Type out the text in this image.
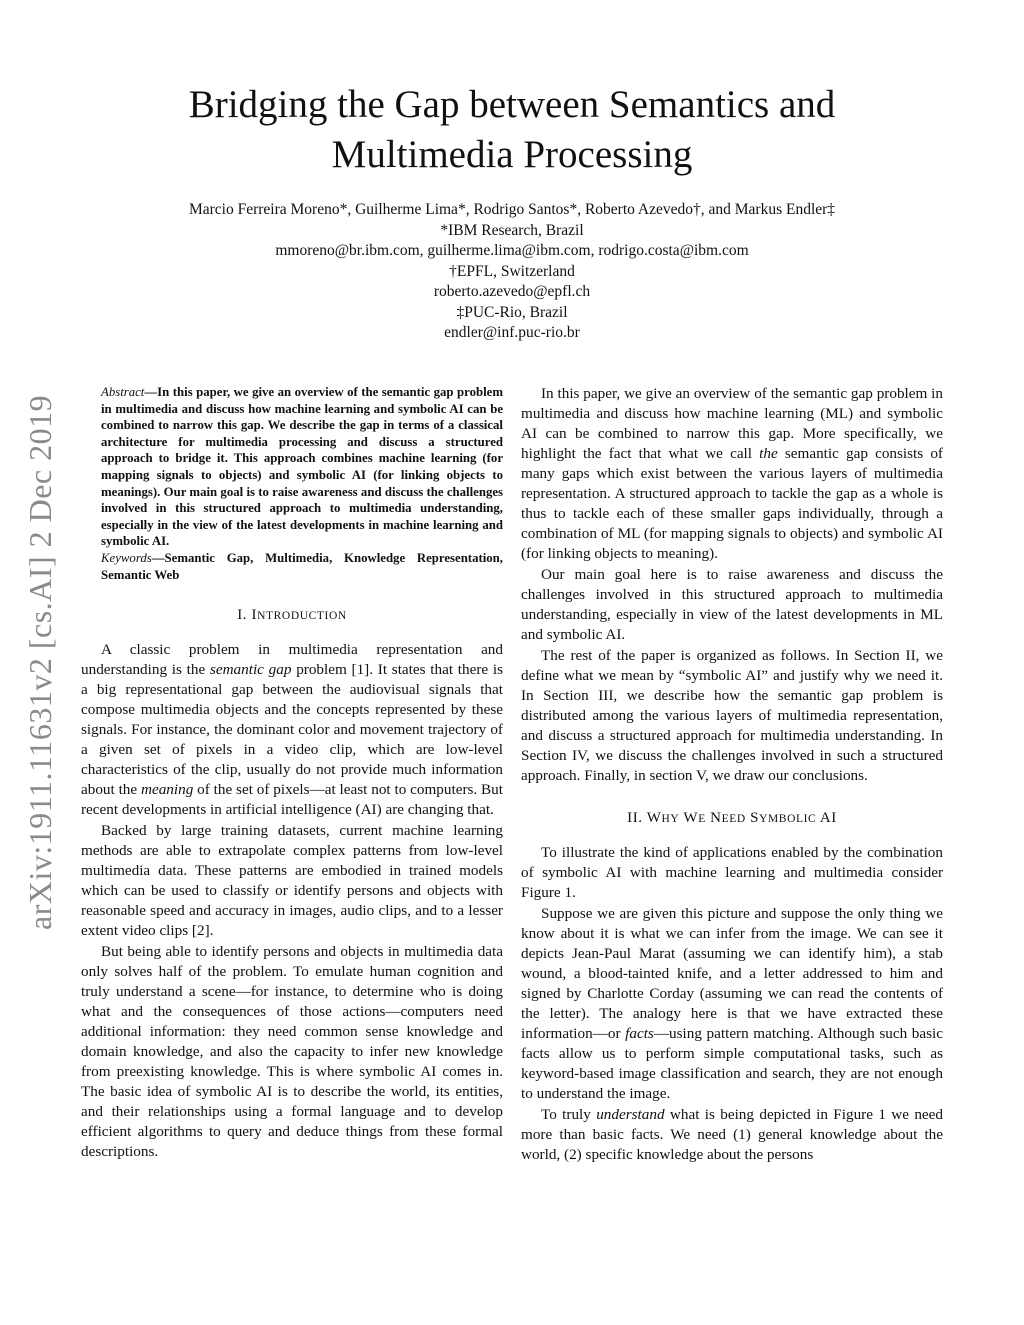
Bridging the Gap between Semantics and
Multimedia Processing
Marcio Ferreira Moreno*, Guilherme Lima*, Rodrigo Santos*, Roberto Azevedo†, and Markus Endler‡
*IBM Research, Brazil
mmoreno@br.ibm.com, guilherme.lima@ibm.com, rodrigo.costa@ibm.com
†EPFL, Switzerland
roberto.azevedo@epfl.ch
‡PUC-Rio, Brazil
endler@inf.puc-rio.br
arXiv:1911.11631v2 [cs.AI] 2 Dec 2019

Abstract—In this paper, we give an overview of the semantic gap problem in multimedia and discuss how machine learning and symbolic AI can be combined to narrow this gap. We describe the gap in terms of a classical architecture for multimedia processing and discuss a structured approach to bridge it. This approach combines machine learning (for mapping signals to objects) and symbolic AI (for linking objects to meanings). Our main goal is to raise awareness and discuss the challenges involved in this structured approach to multimedia understanding, especially in the view of the latest developments in machine learning and symbolic AI.

Keywords—Semantic Gap, Multimedia, Knowledge Representation, Semantic Web

I. INTRODUCTION

A classic problem in multimedia representation and understanding is the semantic gap problem [1]. It states that there is a big representational gap between the audiovisual signals that compose multimedia objects and the concepts represented by these signals. For instance, the dominant color and movement trajectory of a given set of pixels in a video clip, which are low-level characteristics of the clip, usually do not provide much information about the meaning of the set of pixels—at least not to computers. But recent developments in artificial intelligence (AI) are changing that.

Backed by large training datasets, current machine learning methods are able to extrapolate complex patterns from low-level multimedia data. These patterns are embodied in trained models which can be used to classify or identify persons and objects with reasonable speed and accuracy in images, audio clips, and to a lesser extent video clips [2].

But being able to identify persons and objects in multimedia data only solves half of the problem. To emulate human cognition and truly understand a scene—for instance, to determine who is doing what and the consequences of those actions—computers need additional information: they need common sense knowledge and domain knowledge, and also the capacity to infer new knowledge from preexisting knowledge. This is where symbolic AI comes in. The basic idea of symbolic AI is to describe the world, its entities, and their relationships using a formal language and to develop efficient algorithms to query and deduce things from these formal descriptions.

In this paper, we give an overview of the semantic gap problem in multimedia and discuss how machine learning (ML) and symbolic AI can be combined to narrow this gap. More specifically, we highlight the fact that what we call the semantic gap consists of many gaps which exist between the various layers of multimedia representation. A structured approach to tackle the gap as a whole is thus to tackle each of these smaller gaps individually, through a combination of ML (for mapping signals to objects) and symbolic AI (for linking objects to meaning).

Our main goal here is to raise awareness and discuss the challenges involved in this structured approach to multimedia understanding, especially in view of the latest developments in ML and symbolic AI.

The rest of the paper is organized as follows. In Section II, we define what we mean by “symbolic AI” and justify why we need it. In Section III, we describe how the semantic gap problem is distributed among the various layers of multimedia representation, and discuss a structured approach for multimedia understanding. In Section IV, we discuss the challenges involved in such a structured approach. Finally, in section V, we draw our conclusions.

II. WHY WE NEED SYMBOLIC AI

To illustrate the kind of applications enabled by the combination of symbolic AI with machine learning and multimedia consider Figure 1.

Suppose we are given this picture and suppose the only thing we know about it is what we can infer from the image. We can see it depicts Jean-Paul Marat (assuming we can identify him), a stab wound, a blood-tainted knife, and a letter addressed to him and signed by Charlotte Corday (assuming we can read the contents of the letter). The analogy here is that we have extracted these information—or facts—using pattern matching. Although such basic facts allow us to perform simple computational tasks, such as keyword-based image classification and search, they are not enough to understand the image.

To truly understand what is being depicted in Figure 1 we need more than basic facts. We need (1) general knowledge about the world, (2) specific knowledge about the persons
